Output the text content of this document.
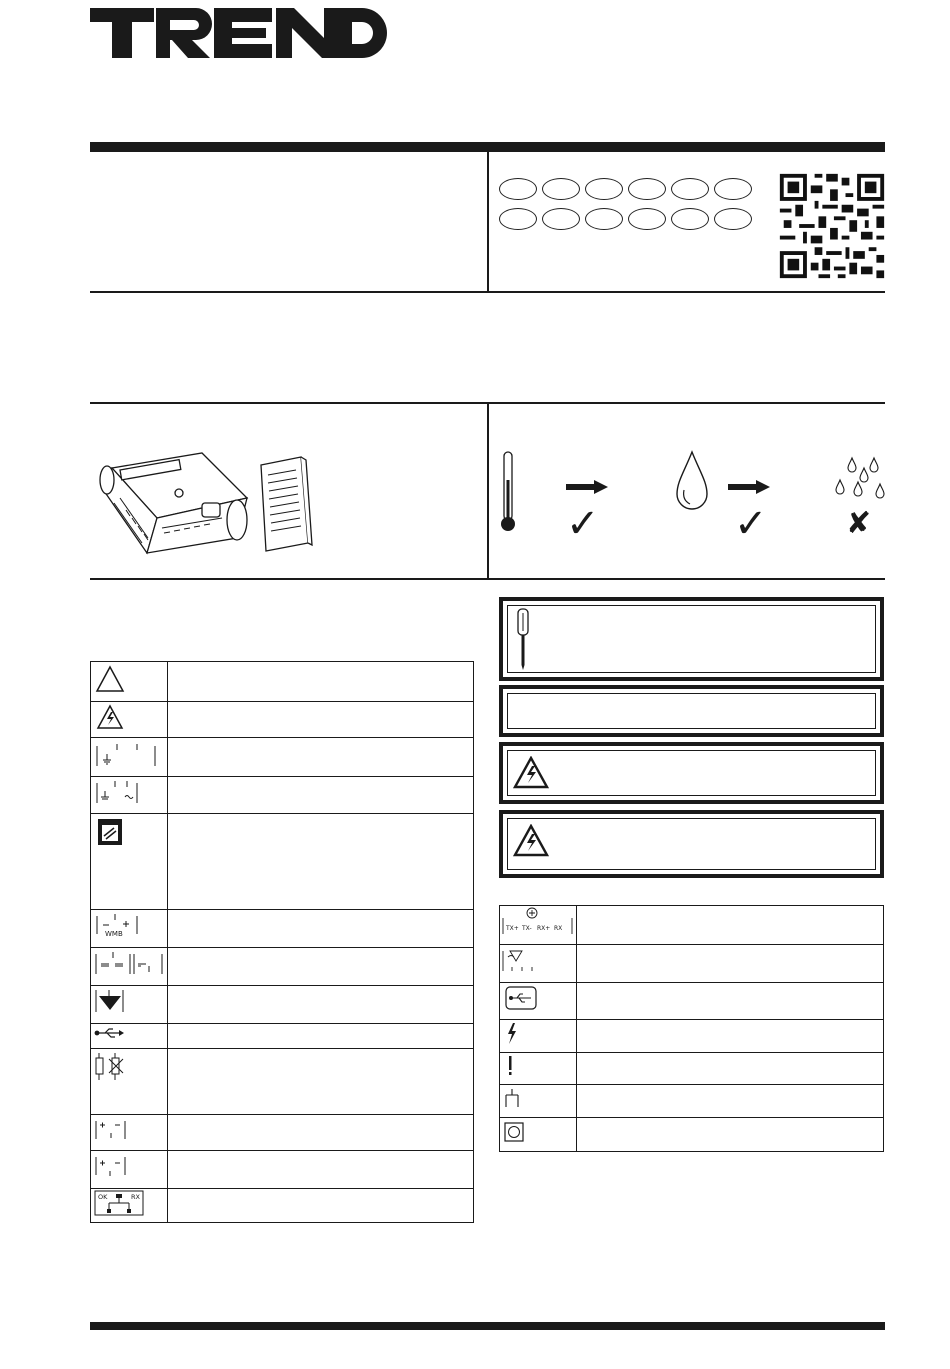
✓	✓	✘

WMB	

OK RX	

TX+ TX- RX+ RX	
